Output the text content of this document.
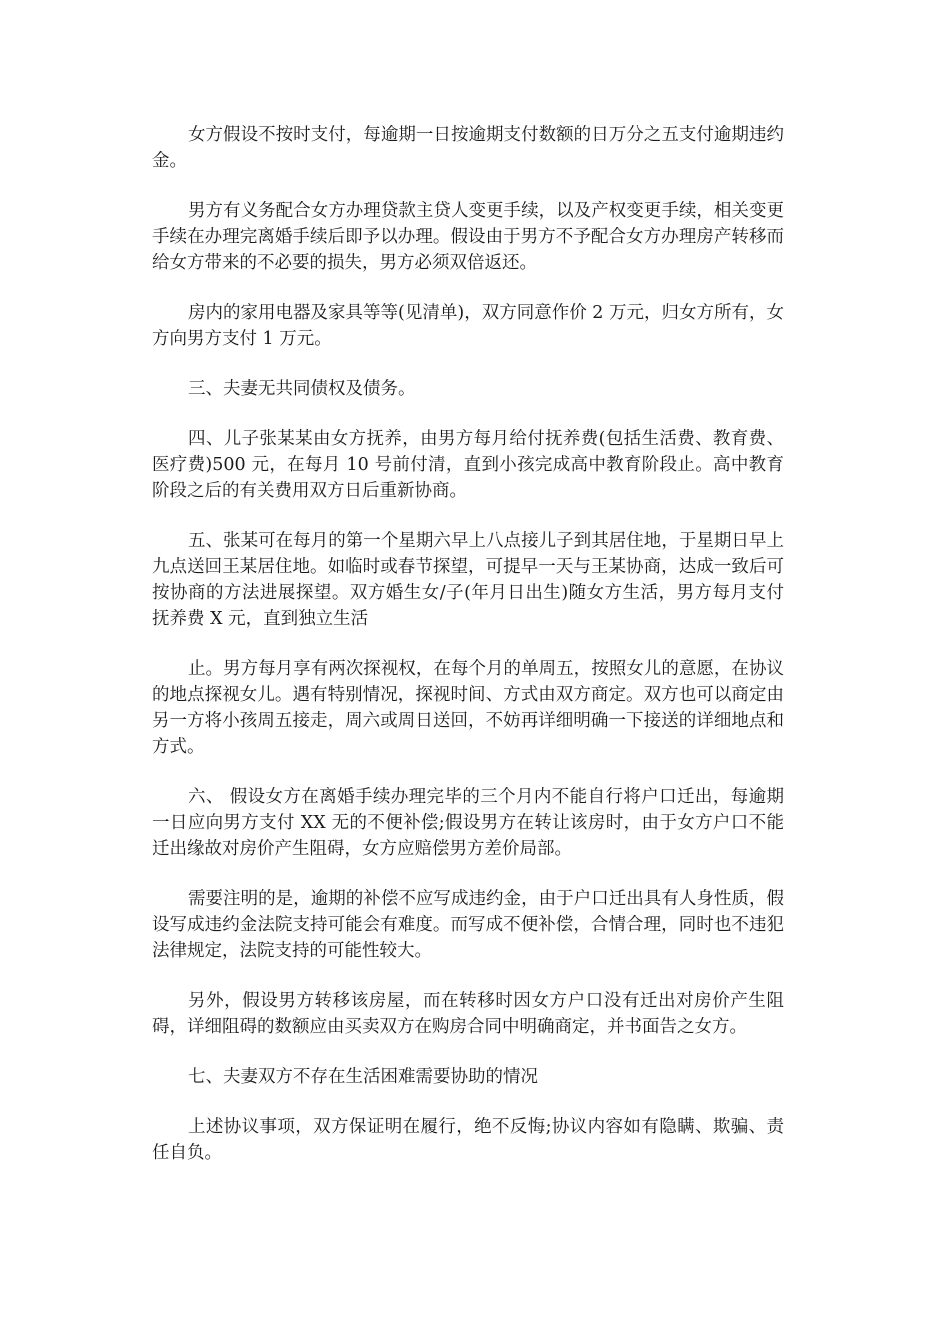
女方假设不按时支付，每逾期一日按逾期支付数额的日万分之五支付逾期违约金。

男方有义务配合女方办理贷款主贷人变更手续，以及产权变更手续，相关变更手续在办理完离婚手续后即予以办理。假设由于男方不予配合女方办理房产转移而给女方带来的不必要的损失，男方必须双倍返还。

房内的家用电器及家具等等(见清单)，双方同意作价 2 万元，归女方所有，女方向男方支付 1 万元。

三、夫妻无共同债权及债务。

四、儿子张某某由女方抚养，由男方每月给付抚养费(包括生活费、教育费、医疗费)500 元，在每月 10 号前付清，直到小孩完成高中教育阶段止。高中教育阶段之后的有关费用双方日后重新协商。

五、张某可在每月的第一个星期六早上八点接儿子到其居住地，于星期日早上九点送回王某居住地。如临时或春节探望，可提早一天与王某协商，达成一致后可按协商的方法进展探望。双方婚生女/子(年月日出生)随女方生活，男方每月支付抚养费 X 元，直到独立生活

止。男方每月享有两次探视权，在每个月的单周五，按照女儿的意愿，在协议的地点探视女儿。遇有特别情况，探视时间、方式由双方商定。双方也可以商定由另一方将小孩周五接走，周六或周日送回，不妨再详细明确一下接送的详细地点和方式。

六、 假设女方在离婚手续办理完毕的三个月内不能自行将户口迁出，每逾期一日应向男方支付 XX 无的不便补偿;假设男方在转让该房时，由于女方户口不能迁出缘故对房价产生阻碍，女方应赔偿男方差价局部。

需要注明的是，逾期的补偿不应写成违约金，由于户口迁出具有人身性质，假设写成违约金法院支持可能会有难度。而写成不便补偿，合情合理，同时也不违犯法律规定，法院支持的可能性较大。

另外，假设男方转移该房屋，而在转移时因女方户口没有迁出对房价产生阻碍，详细阻碍的数额应由买卖双方在购房合同中明确商定，并书面告之女方。

七、夫妻双方不存在生活困难需要协助的情况

上述协议事项，双方保证明在履行，绝不反悔;协议内容如有隐瞒、欺骗、责任自负。
